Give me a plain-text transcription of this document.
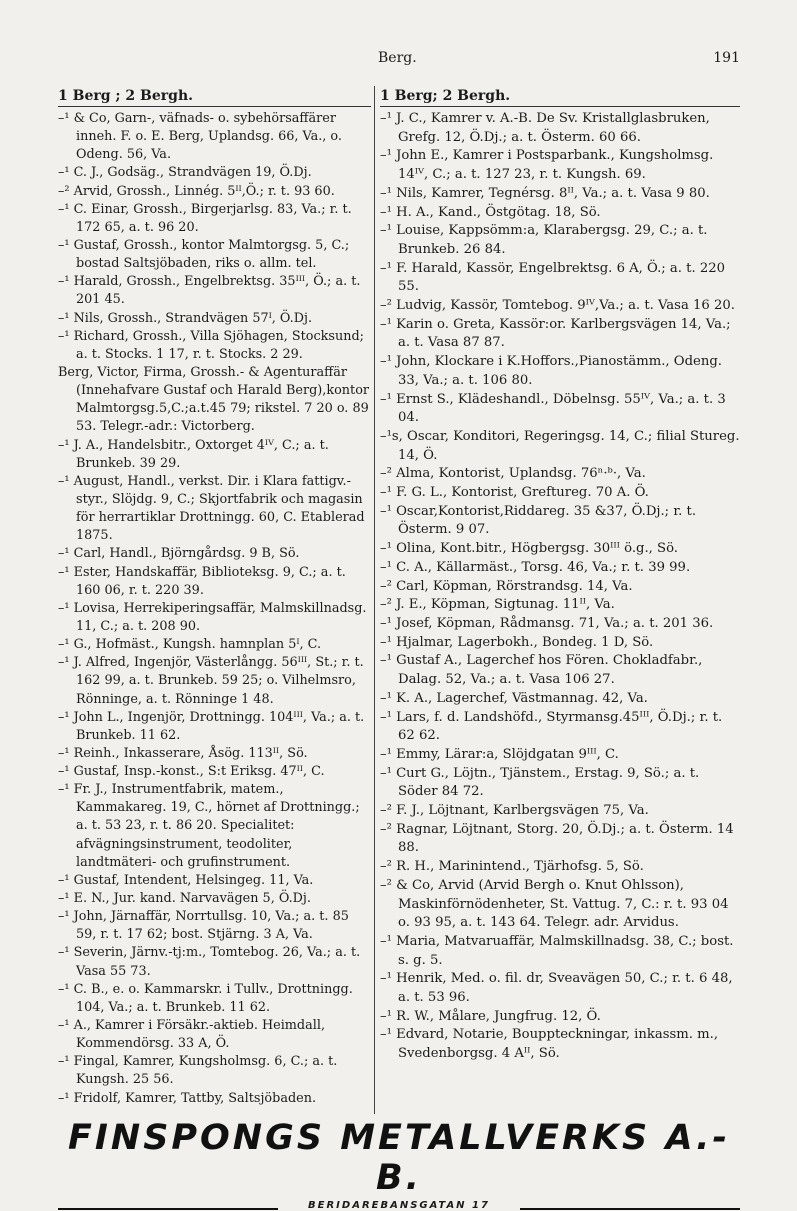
Berg.	191
1 Berg ; 2 Bergh.	1 Berg; 2 Bergh.

–¹ & Co, Garn-, väfnads- o. sybehörsaffärer inneh. F. o. E. Berg, Uplandsg. 66, Va., o. Odeng. 56, Va.

–¹ C. J., Godsäg., Strandvägen 19, Ö.Dj.

–² Arvid, Grossh., Linnég. 5ᴵᴵ,Ö.; r. t. 93 60.

–¹ C. Einar, Grossh., Birgerjarlsg. 83, Va.; r. t. 172 65, a. t. 96 20.

–¹ Gustaf, Grossh., kontor Malmtorgsg. 5, C.; bostad Saltsjöbaden, riks o. allm. tel.

–¹ Harald, Grossh., Engelbrektsg. 35ᴵᴵᴵ, Ö.; a. t. 201 45.

–¹ Nils, Grossh., Strandvägen 57ᴵ, Ö.Dj.

–¹ Richard, Grossh., Villa Sjöhagen, Stocksund; a. t. Stocks. 1 17, r. t. Stocks. 2 29.

Berg, Victor, Firma, Grossh.- & Agenturaffär (Innehafvare Gustaf och Harald Berg),kontor Malmtorgsg.5,C.;a.t.45 79; rikstel. 7 20 o. 89 53. Telegr.-adr.: Victorberg.

–¹ J. A., Handelsbitr., Oxtorget 4ᴵⱽ, C.; a. t. Brunkeb. 39 29.

–¹ August, Handl., verkst. Dir. i Klara fattigv.-styr., Slöjdg. 9, C.; Skjortfabrik och magasin för herrartiklar Drottningg. 60, C. Etablerad 1875.

–¹ Carl, Handl., Björngårdsg. 9 B, Sö.

–¹ Ester, Handskaffär, Biblioteksg. 9, C.; a. t. 160 06, r. t. 220 39.

–¹ Lovisa, Herrekiperingsaffär, Malmskillnadsg. 11, C.; a. t. 208 90.

–¹ G., Hofmäst., Kungsh. hamnplan 5ᴵ, C.

–¹ J. Alfred, Ingenjör, Västerlångg. 56ᴵᴵᴵ, St.; r. t. 162 99, a. t. Brunkeb. 59 25; o. Vilhelmsro, Rönninge, a. t. Rönninge 1 48.

–¹ John L., Ingenjör, Drottningg. 104ᴵᴵᴵ, Va.; a. t. Brunkeb. 11 62.

–¹ Reinh., Inkasserare, Åsög. 113ᴵᴵ, Sö.

–¹ Gustaf, Insp.-konst., S:t Eriksg. 47ᴵᴵ, C.

–¹ Fr. J., Instrumentfabrik, matem., Kammakareg. 19, C., hörnet af Drottningg.; a. t. 53 23, r. t. 86 20. Specialitet: afvägningsinstrument, teodoliter, landtmäteri- och grufinstrument.

–¹ Gustaf, Intendent, Helsingeg. 11, Va.

–¹ E. N., Jur. kand. Narvavägen 5, Ö.Dj.

–¹ John, Järnaffär, Norrtullsg. 10, Va.; a. t. 85 59, r. t. 17 62; bost. Stjärng. 3 A, Va.

–¹ Severin, Järnv.-tj:m., Tomtebog. 26, Va.; a. t. Vasa 55 73.

–¹ C. B., e. o. Kammarskr. i Tullv., Drottningg. 104, Va.; a. t. Brunkeb. 11 62.

–¹ A., Kamrer i Försäkr.-aktieb. Heimdall, Kommendörsg. 33 A, Ö.

–¹ Fingal, Kamrer, Kungsholmsg. 6, C.; a. t. Kungsh. 25 56.

–¹ Fridolf, Kamrer, Tattby, Saltsjöbaden.

–¹ J. C., Kamrer v. A.-B. De Sv. Kristallglasbruken, Grefg. 12, Ö.Dj.; a. t. Österm. 60 66.

–¹ John E., Kamrer i Postsparbank., Kungsholmsg. 14ᴵⱽ, C.; a. t. 127 23, r. t. Kungsh. 69.

–¹ Nils, Kamrer, Tegnérsg. 8ᴵᴵ, Va.; a. t. Vasa 9 80.

–¹ H. A., Kand., Östgötag. 18, Sö.

–¹ Louise, Kappsömm:a, Klarabergsg. 29, C.; a. t. Brunkeb. 26 84.

–¹ F. Harald, Kassör, Engelbrektsg. 6 A, Ö.; a. t. 220 55.

–² Ludvig, Kassör, Tomtebog. 9ᴵⱽ,Va.; a. t. Vasa 16 20.

–¹ Karin o. Greta, Kassör:or. Karlbergsvägen 14, Va.; a. t. Vasa 87 87.

–¹ John, Klockare i K.Hoffors.,Pianostämm., Odeng. 33, Va.; a. t. 106 80.

–¹ Ernst S., Klädeshandl., Döbelnsg. 55ᴵⱽ, Va.; a. t. 3 04.

–¹s, Oscar, Konditori, Regeringsg. 14, C.; filial Stureg. 14, Ö.

–² Alma, Kontorist, Uplandsg. 76ⁿ·ᵇ·, Va.

–¹ F. G. L., Kontorist, Greftureg. 70 A. Ö.

–¹ Oscar,Kontorist,Riddareg. 35 &37, Ö.Dj.; r. t. Österm. 9 07.

–¹ Olina, Kont.bitr., Högbergsg. 30ᴵᴵᴵ ö.g., Sö.

–¹ C. A., Källarmäst., Torsg. 46, Va.; r. t. 39 99.

–² Carl, Köpman, Rörstrandsg. 14, Va.

–² J. E., Köpman, Sigtunag. 11ᴵᴵ, Va.

–¹ Josef, Köpman, Rådmansg. 71, Va.; a. t. 201 36.

–¹ Hjalmar, Lagerbokh., Bondeg. 1 D, Sö.

–¹ Gustaf A., Lagerchef hos Fören. Chokladfabr., Dalag. 52, Va.; a. t. Vasa 106 27.

–¹ K. A., Lagerchef, Västmannag. 42, Va.

–¹ Lars, f. d. Landshöfd., Styrmansg.45ᴵᴵᴵ, Ö.Dj.; r. t. 62 62.

–¹ Emmy, Lärar:a, Slöjdgatan 9ᴵᴵᴵ, C.

–¹ Curt G., Löjtn., Tjänstem., Erstag. 9, Sö.; a. t. Söder 84 72.

–² F. J., Löjtnant, Karlbergsvägen 75, Va.

–² Ragnar, Löjtnant, Storg. 20, Ö.Dj.; a. t. Österm. 14 88.

–² R. H., Marinintend., Tjärhofsg. 5, Sö.

–² & Co, Arvid (Arvid Bergh o. Knut Ohlsson), Maskinförnödenheter, St. Vattug. 7, C.: r. t. 93 04 o. 93 95, a. t. 143 64. Telegr. adr. Arvidus.

–¹ Maria, Matvaruaffär, Malmskillnadsg. 38, C.; bost. s. g. 5.

–¹ Henrik, Med. o. fil. dr, Sveavägen 50, C.; r. t. 6 48, a. t. 53 96.

–¹ R. W., Målare, Jungfrug. 12, Ö.

–¹ Edvard, Notarie, Bouppteckningar, inkassm. m., Svedenborgsg. 4 Aᴵᴵ, Sö.

FINSPONGS METALLVERKS A.-B.
BERIDAREBANSGATAN 17
